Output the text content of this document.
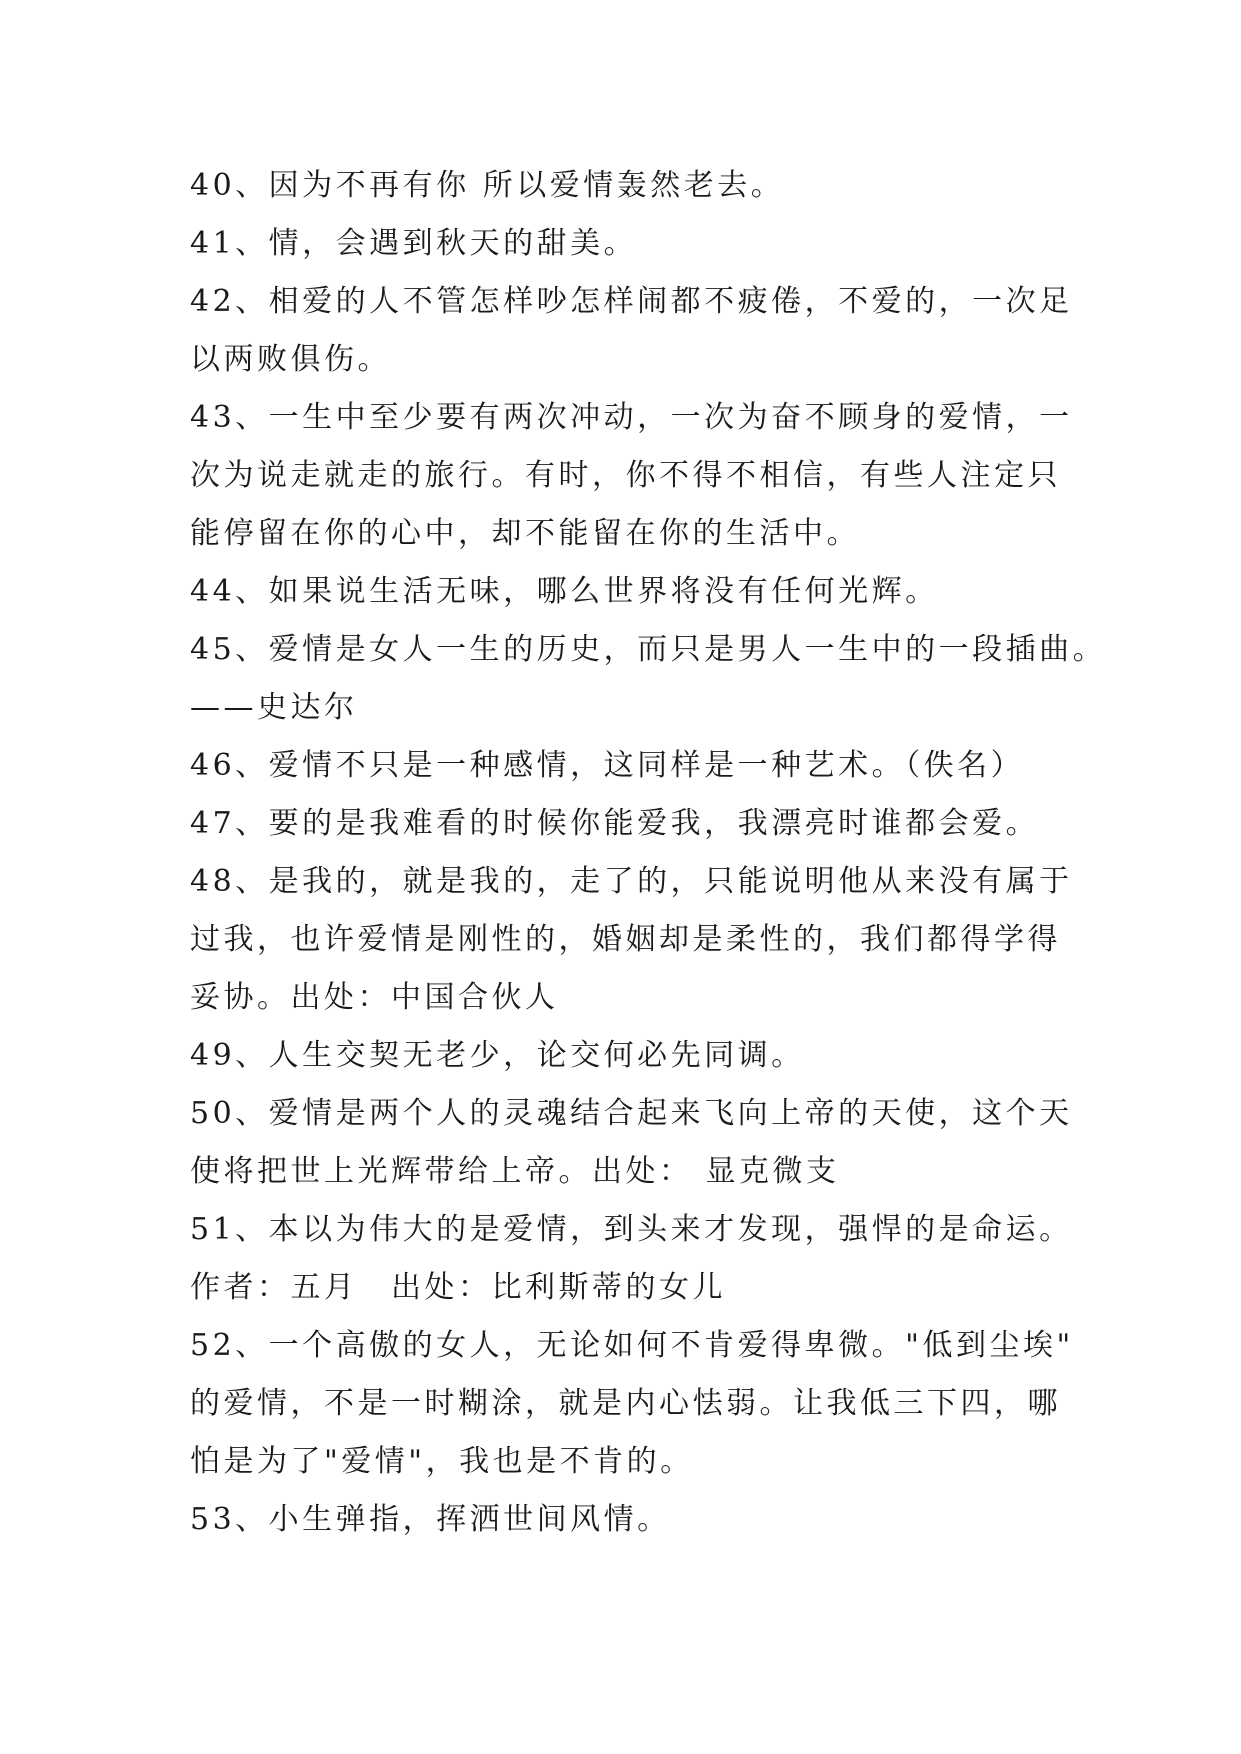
40、因为不再有你 所以爱情轰然老去。
41、情，会遇到秋天的甜美。
42、相爱的人不管怎样吵怎样闹都不疲倦，不爱的，一次足
以两败俱伤。
43、一生中至少要有两次冲动，一次为奋不顾身的爱情，一
次为说走就走的旅行。有时，你不得不相信，有些人注定只
能停留在你的心中，却不能留在你的生活中。
44、如果说生活无味，哪么世界将没有任何光辉。
45、爱情是女人一生的历史，而只是男人一生中的一段插曲。
——史达尔
46、爱情不只是一种感情，这同样是一种艺术。（佚名）
47、要的是我难看的时候你能爱我，我漂亮时谁都会爱。
48、是我的，就是我的，走了的，只能说明他从来没有属于
过我，也许爱情是刚性的，婚姻却是柔性的，我们都得学得
妥协。出处：中国合伙人
49、人生交契无老少，论交何必先同调。
50、爱情是两个人的灵魂结合起来飞向上帝的天使，这个天
使将把世上光辉带给上帝。出处： 显克微支
51、本以为伟大的是爱情，到头来才发现，强悍的是命运。
作者：五月　出处：比利斯蒂的女儿
52、一个高傲的女人，无论如何不肯爱得卑微。"低到尘埃"
的爱情，不是一时糊涂，就是内心怯弱。让我低三下四，哪
怕是为了"爱情"，我也是不肯的。
53、小生弹指，挥洒世间风情。
